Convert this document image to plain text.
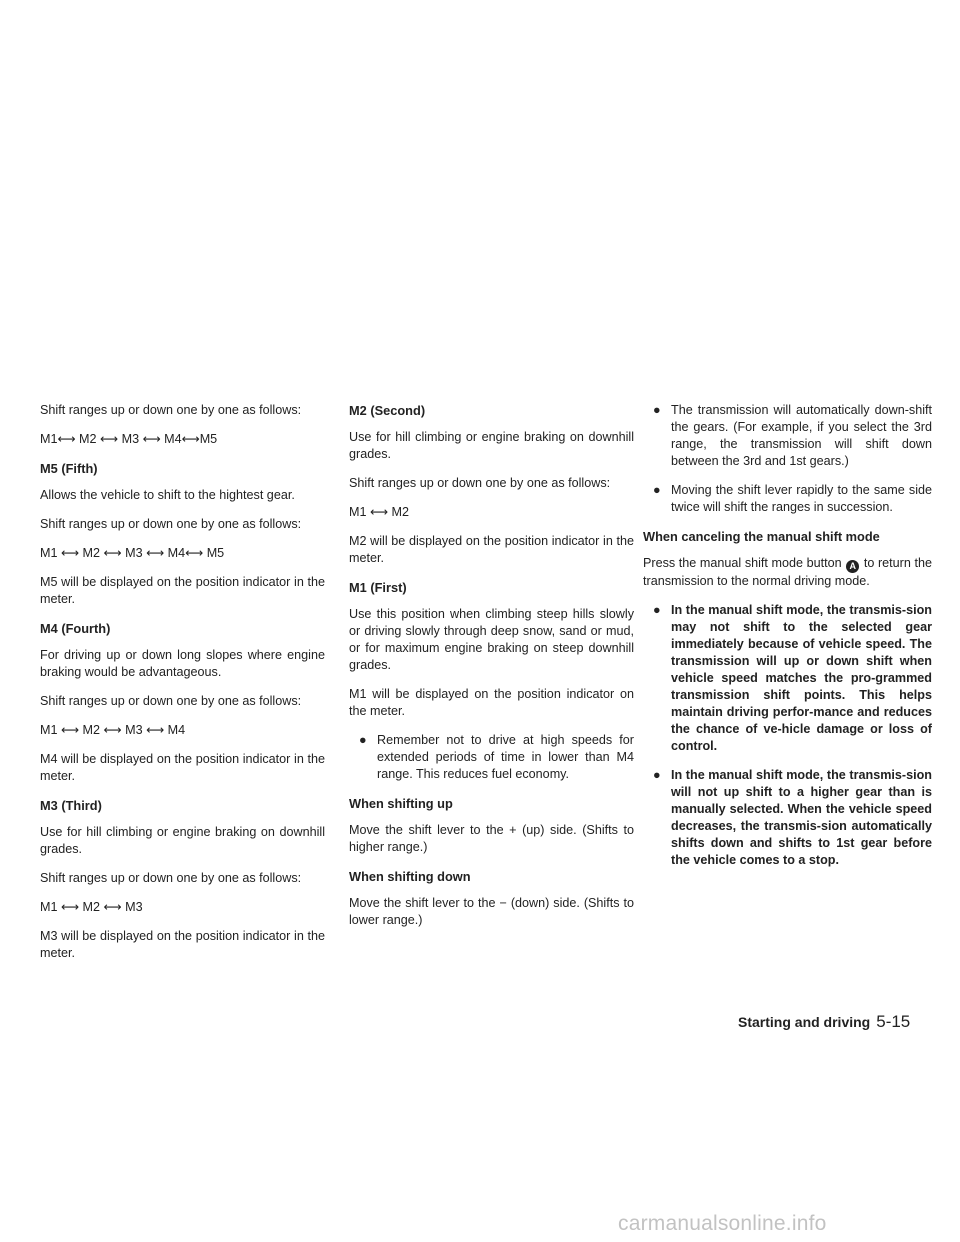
Shift ranges up or down one by one as follows:

M1⟷ M2 ⟷ M3 ⟷ M4⟷M5
M5 (Fifth)

Allows the vehicle to shift to the hightest gear.

Shift ranges up or down one by one as follows:

M1 ⟷ M2 ⟷ M3 ⟷ M4⟷ M5

M5 will be displayed on the position indicator in the meter.

M4 (Fourth)

For driving up or down long slopes where engine braking would be advantageous.

Shift ranges up or down one by one as follows:

M1 ⟷ M2 ⟷ M3 ⟷ M4

M4 will be displayed on the position indicator in the meter.

M3 (Third)

Use for hill climbing or engine braking on downhill grades.

Shift ranges up or down one by one as follows:

M1 ⟷ M2 ⟷ M3

M3 will be displayed on the position indicator in the meter.

M2 (Second)

Use for hill climbing or engine braking on downhill grades.

Shift ranges up or down one by one as follows:

M1 ⟷ M2

M2 will be displayed on the position indicator in the meter.

M1 (First)

Use this position when climbing steep hills slowly or driving slowly through deep snow, sand or mud, or for maximum engine braking on steep downhill grades.

M1 will be displayed on the position indicator on the meter.

● Remember not to drive at high speeds for extended periods of time in lower than M4 range. This reduces fuel economy.
When shifting up

Move the shift lever to the + (up) side. (Shifts to higher range.)

When shifting down

Move the shift lever to the − (down) side. (Shifts to lower range.)

● The transmission will automatically down-shift the gears. (For example, if you select the 3rd range, the transmission will shift down between the 3rd and 1st gears.)
● Moving the shift lever rapidly to the same side twice will shift the ranges in succession.
When canceling the manual shift mode

Press the manual shift mode button A to return the transmission to the normal driving mode.

● In the manual shift mode, the transmis-sion may not shift to the selected gear immediately because of vehicle speed. The transmission will up or down shift when vehicle speed matches the pro-grammed transmission shift points. This helps maintain driving perfor-mance and reduces the chance of ve-hicle damage or loss of control.
● In the manual shift mode, the transmis-sion will not up shift to a higher gear than is manually selected. When the vehicle speed decreases, the transmis-sion automatically shifts down and shifts to 1st gear before the vehicle comes to a stop.
Starting and driving 5-15
carmanualsonline.info
